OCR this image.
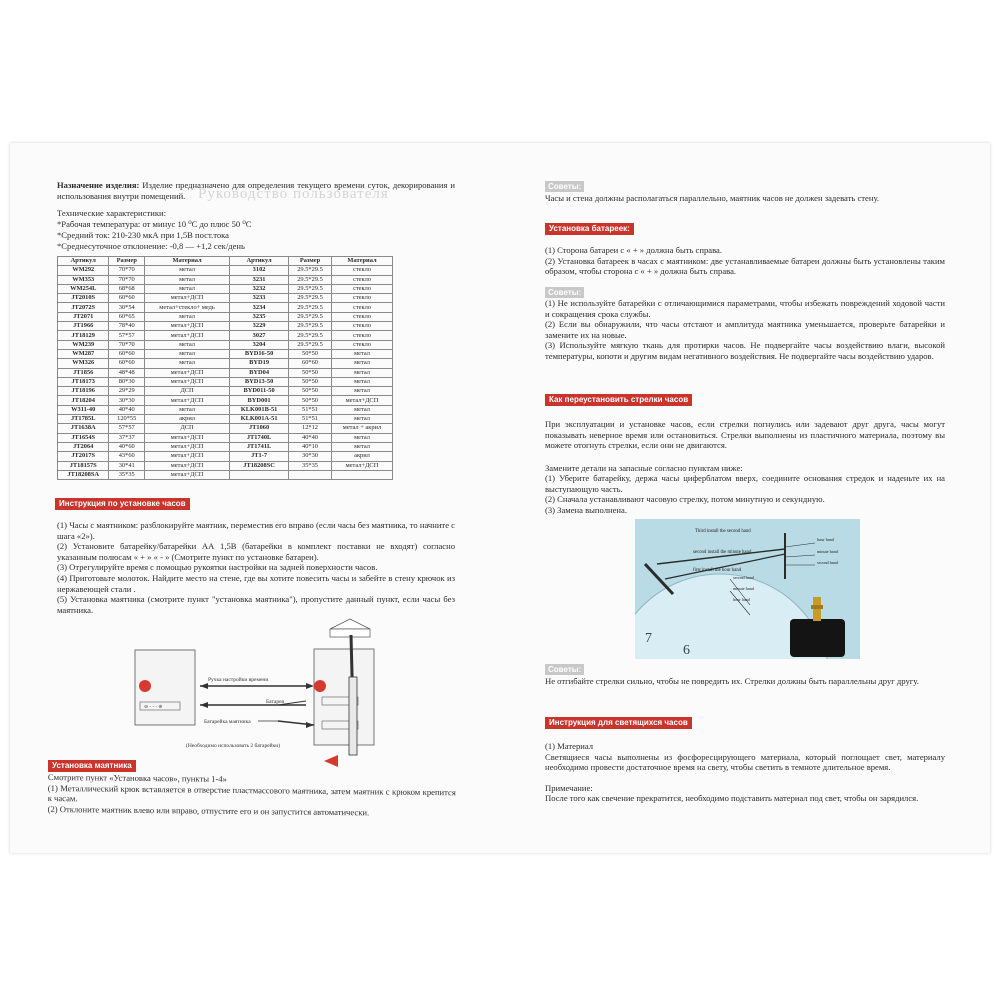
Руководство пользователя

Назначение изделия: Изделие предназначено для определения текущего времени суток, декорирования и использования внутри помещений.

Технические характеристики:
*Рабочая температура: от минус 10 ⁰С до плюс 50 ⁰С
*Средний ток: 210-230 мкА при 1,5В пост.тока
*Среднесуточное отклонение: -0,8 — +1,2 сек/день
Артикул	Размер	Материал	Артикул	Размер	Материал
WM292	70*70	метал	3102	29.5*29.5	стекло
WM353	70*70	метал	3231	29.5*29.5	стекло
WM254L	68*68	метал	3232	29.5*29.5	стекло
JT2010S	60*60	метал+ДСП	3233	29.5*29.5	стекло
JT2072S	30*54	метал+стекло+ медь	3234	29.5*29.5	стекло
JT2071	60*65	метал	3235	29.5*29.5	стекло
JT1966	78*40	метал+ДСП	3229	29.5*29.5	стекло
JT18129	57*57	метал+ДСП	3027	29.5*29.5	стекло
WM239	70*70	метал	3204	29.5*29.5	стекло
WM287	60*60	метал	BYD16-50	50*50	метал
WM326	60*60	метал	BYD19	60*60	метал
JT1856	48*48	метал+ДСП	BYD04	50*50	метал
JT18173	80*30	метал+ДСП	BYD13-50	50*50	метал
JT18196	29*29	ДСП	BYD011-50	50*50	метал
JT18204	30*30	метал+ДСП	BYD001	50*50	метал+ДСП
W311-40	40*40	метал	KLK001B-51	51*51	метал
JT1785L	120*55	акрил	KLK001A-51	51*51	метал
JT1638A	57*57	ДСП	JT1060	12*12	метал + акрил
JT1654S	37*37	метал+ДСП	JT1740L	40*40	метал
JT2064	40*60	метал+ДСП	JT1741L	40*10	метал
JT2017S	43*60	метал+ДСП	JT1-7	30*30	акрил
JT18157S	30*41	метал+ДСП	JT18208SC	35*35	метал+ДСП
JT18208SA	35*35	метал+ДСП			
Инструкция по установке часов
(1) Часы с маятником: разблокируйте маятник, переместив его вправо (если часы без маятника, то начните с шага «2»).
(2) Установите батарейку/батарейки АА 1,5В (батарейки в комплект поставки не входят) согласно указанным полюсам « + » « - » (Смотрите пункт по установке батареи).
(3) Отрегулируйте время с помощью рукоятки настройки на задней поверхности часов.
(4) Приготовьте молоток. Найдите место на стене, где вы хотите повесить часы и забейте в стену крючок из нержавеющей стали .
(5) Установка маятника (смотрите пункт "установка маятника"), пропустите данный пункт, если часы без маятника.
⊖ - - - ⊕
Ручка настройки времени
Батарея
Батарейка маятника
(Необходимо использовать 2 батарейки)
Установка маятника
Смотрите пункт «Установка часов», пункты 1-4»
(1) Металлический крюк вставляется в отверстие пластмассового маятника, затем маятник с крюком крепится к часам.
(2) Отклоните маятник влево или вправо, отпустите его и он запустится автоматически.
Советы:
Часы и стена должны располагаться параллельно, маятник часов не должен задевать стену.
Установка батареек:
(1) Сторона батареи с « + » должна быть справа.
(2) Установка батареек в часах с маятником: две устанавливаемые батареи должны быть установлены таким образом, чтобы сторона с « + » должна быть справа.
Советы:
(1) Не используйте батарейки с отличающимися параметрами, чтобы избежать повреждений ходовой части и сокращения срока службы.
(2) Если вы обнаружили, что часы отстают и амплитуда маятника уменьшается, проверьте батарейки и замените их на новые.
(3) Используйте мягкую ткань для протирки часов. Не подвергайте часы воздействию влаги, высокой температуры, копоти и другим видам негативного воздействия. Не подвергайте часы воздействию ударов.
Как переустановить стрелки часов
При эксплуатации и установке часов, если стрелки погнулись или задевают друг друга, часы могут показывать неверное время или остановиться. Стрелки выполнены из пластичного материала, поэтому вы можете отогнуть стрелки, если они не двигаются.
Замените детали на запасные согласно пунктам ниже:
(1) Уберите батарейку, держа часы циферблатом вверх, соедините основания стредок и наденьте их на выступающую часть.
(2) Сначала устанавливают часовую стрелку, потом минутную и секундную.
(3) Замена выполнена.
7
6
Third install the second hand
second install the minute hand
first install the hour hand
hour hand
minute hand
second hand
second hand
minute hand
hour hand
Советы:
Не отгибайте стрелки сильно, чтобы не повредить их. Стрелки должны быть параллельны друг другу.
Инструкция для светящихся часов
(1) Материал
Светящиеся часы выполнены из фосфоресцирующего материала, который поглощает свет, материалу необходимо провести достаточное время на свету, чтобы светить в темноте длительное время.
Примечание:
После того как свечение прекратится, необходимо подставить материал под свет, чтобы он зарядился.
